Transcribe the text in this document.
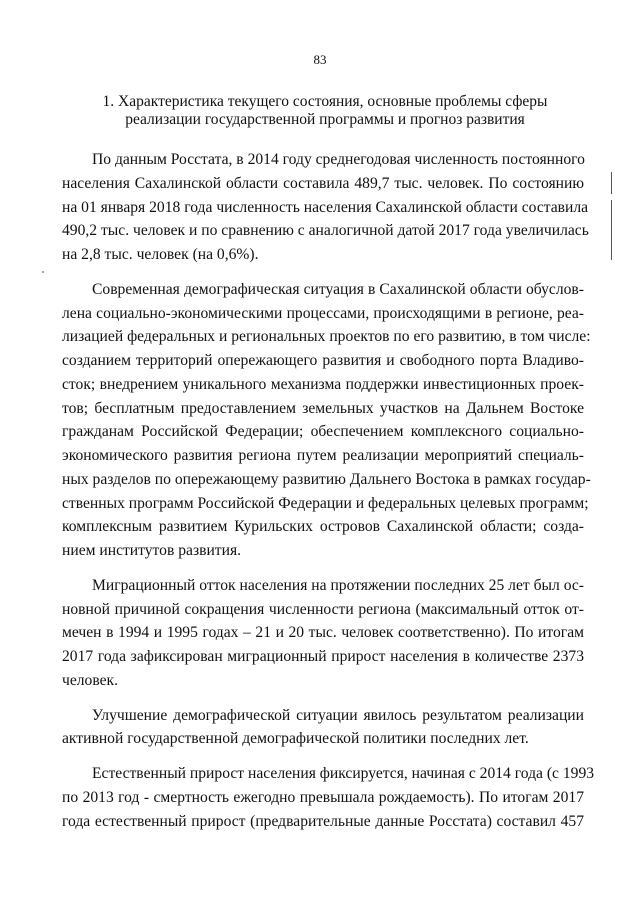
83
1. Характеристика текущего состояния, основные проблемы сферы
реализации государственной программы и прогноз развития
По данным Росстата, в 2014 году среднегодовая численность постоянного
населения Сахалинской области составила 489,7 тыс. человек. По состоянию
на 01 января 2018 года численность населения Сахалинской области составила
490,2 тыс. человек и по сравнению с аналогичной датой 2017 года увеличилась
на 2,8 тыс. человек (на 0,6%).
Современная демографическая ситуация в Сахалинской области обуслов-
лена социально-экономическими процессами, происходящими в регионе, реа-
лизацией федеральных и региональных проектов по его развитию, в том числе:
созданием территорий опережающего развития и свободного порта Владиво-
сток; внедрением уникального механизма поддержки инвестиционных проек-
тов; бесплатным предоставлением земельных участков на Дальнем Востоке
гражданам Российской Федерации; обеспечением комплексного социально-
экономического развития региона путем реализации мероприятий специаль-
ных разделов по опережающему развитию Дальнего Востока в рамках государ-
ственных программ Российской Федерации и федеральных целевых программ;
комплексным развитием Курильских островов Сахалинской области; созда-
нием институтов развития.
Миграционный отток населения на протяжении последних 25 лет был ос-
новной причиной сокращения численности региона (максимальный отток от-
мечен в 1994 и 1995 годах – 21 и 20 тыс. человек соответственно). По итогам
2017 года зафиксирован миграционный прирост населения в количестве 2373
человек.
Улучшение демографической ситуации явилось результатом реализации
активной государственной демографической политики последних лет.
Естественный прирост населения фиксируется, начиная с 2014 года (с 1993
по 2013 год - смертность ежегодно превышала рождаемость). По итогам 2017
года естественный прирост (предварительные данные Росстата) составил 457
